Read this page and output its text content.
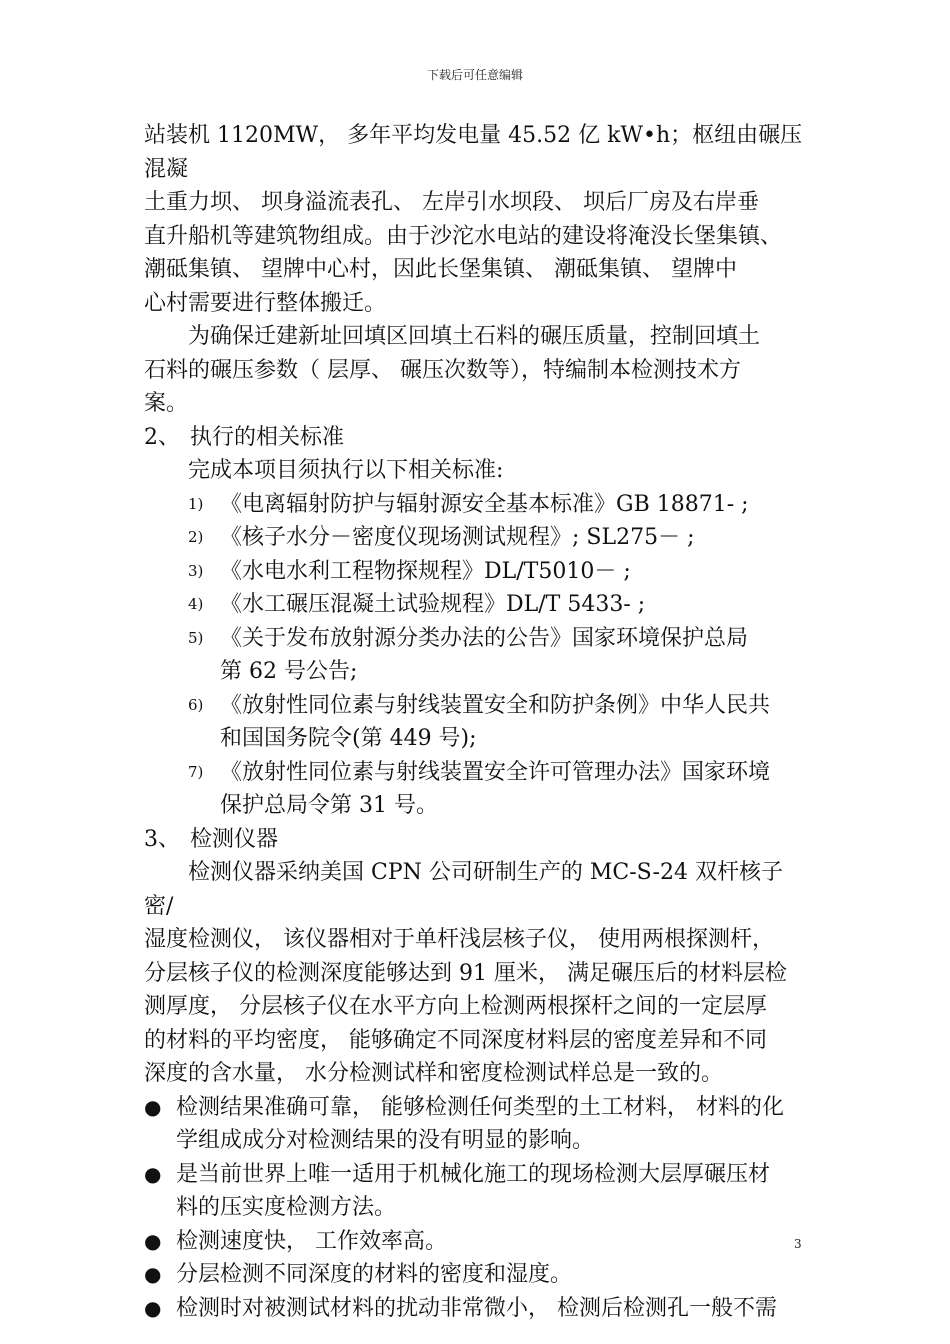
下载后可任意编辑

站装机 1120MW， 多年平均发电量 45.52 亿 kW•h；枢纽由碾压混凝

土重力坝、 坝身溢流表孔、 左岸引水坝段、 坝后厂房及右岸垂

直升船机等建筑物组成。由于沙沱水电站的建设将淹没长堡集镇、

潮砥集镇、 望牌中心村，因此长堡集镇、 潮砥集镇、 望牌中

心村需要进行整体搬迁。

为确保迁建新址回填区回填土石料的碾压质量，控制回填土

石料的碾压参数（ 层厚、 碾压次数等），特编制本检测技术方

案。

2、 执行的相关标准

完成本项目须执行以下相关标准:

1) 《电离辐射防护与辐射源安全基本标准》GB 18871- ;
2) 《核子水分－密度仪现场测试规程》; SL275－ ;
3) 《水电水利工程物探规程》DL/T5010－ ;
4) 《水工碾压混凝土试验规程》DL/T 5433- ;
5) 《关于发布放射源分类办法的公告》国家环境保护总局
第 62 号公告;
6) 《放射性同位素与射线装置安全和防护条例》中华人民共
和国国务院令(第 449 号);
7) 《放射性同位素与射线装置安全许可管理办法》国家环境
保护总局令第 31 号。
3、 检测仪器

检测仪器采纳美国 CPN 公司研制生产的 MC-S-24 双杆核子密/

湿度检测仪， 该仪器相对于单杆浅层核子仪， 使用两根探测杆，

分层核子仪的检测深度能够达到 91 厘米， 满足碾压后的材料层检

测厚度， 分层核子仪在水平方向上检测两根探杆之间的一定层厚

的材料的平均密度， 能够确定不同深度材料层的密度差异和不同

深度的含水量， 水分检测试样和密度检测试样总是一致的。

● 检测结果准确可靠， 能够检测任何类型的土工材料， 材料的化
学组成成分对检测结果的没有明显的影响。
● 是当前世界上唯一适用于机械化施工的现场检测大层厚碾压材
料的压实度检测方法。
● 检测速度快， 工作效率高。
● 分层检测不同深度的材料的密度和湿度。
● 检测时对被测试材料的扰动非常微小， 检测后检测孔一般不需
3
